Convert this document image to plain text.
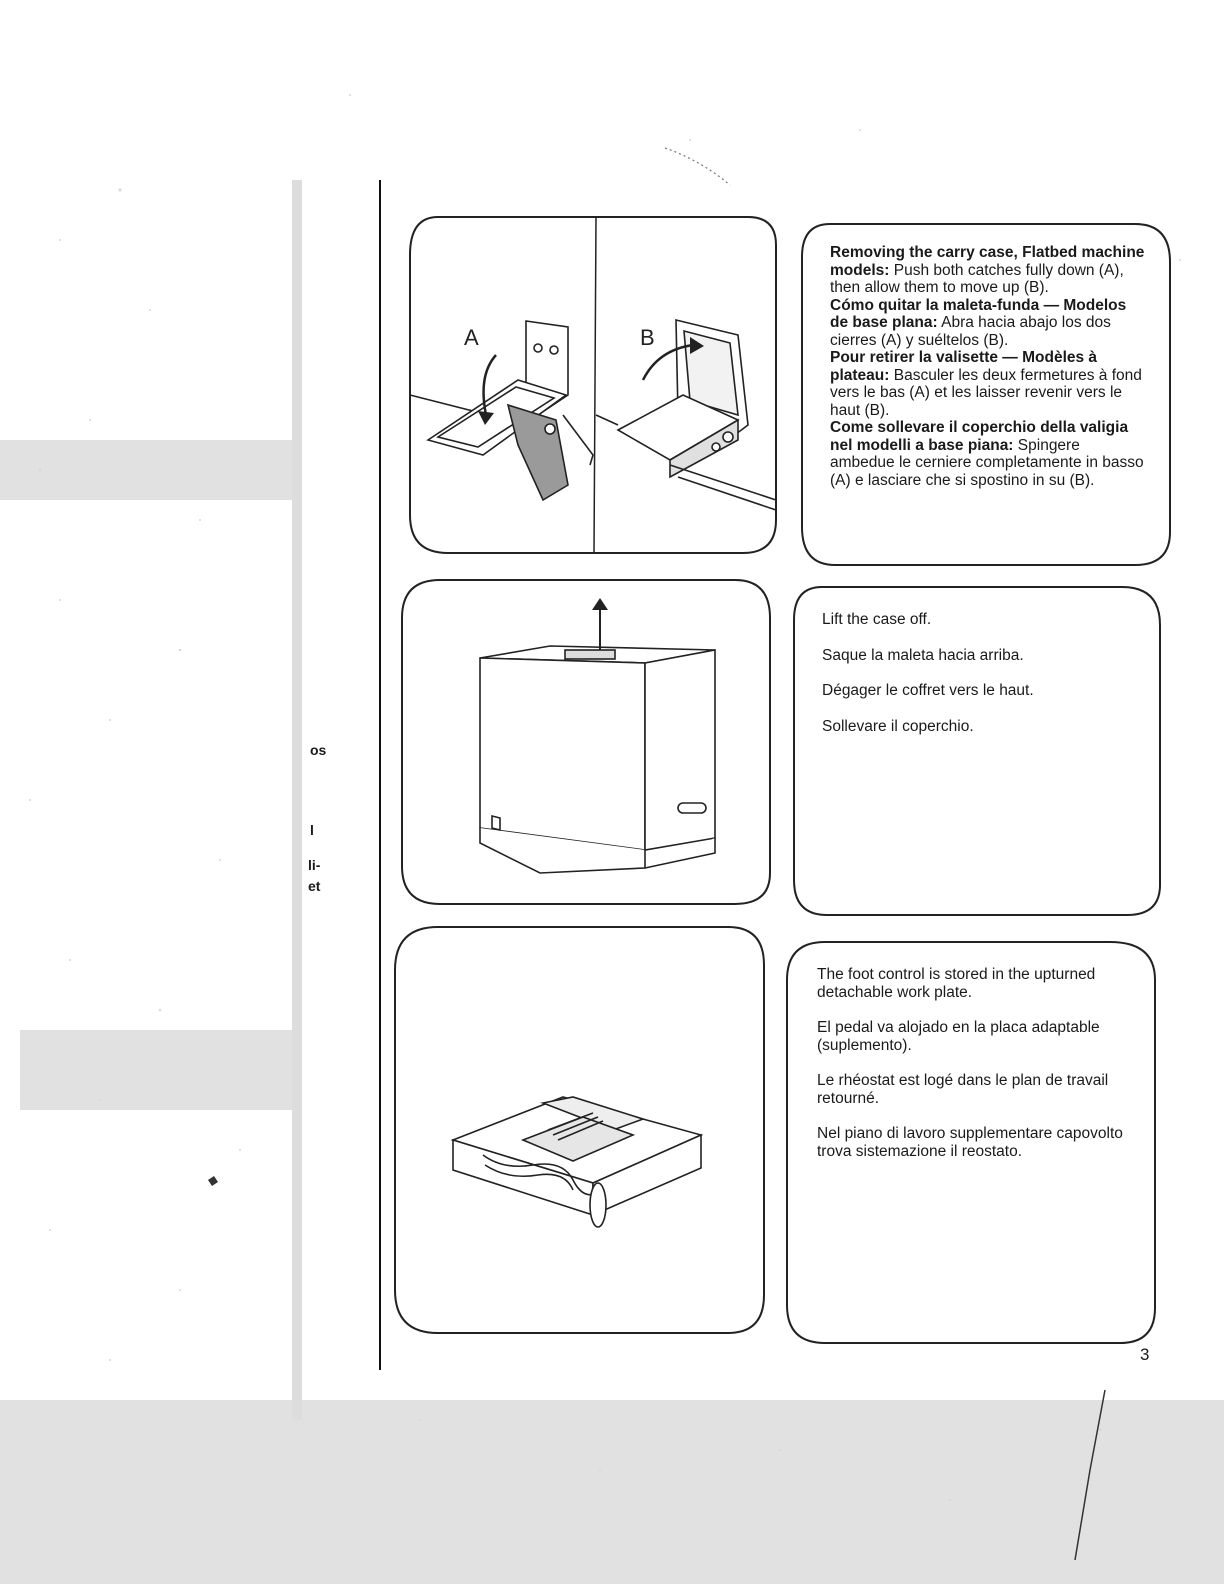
os
l
li-
et
A	B

Removing the carry case, Flatbed machine models: Push both catches fully down (A), then allow them to move up (B).

Cómo quitar la maleta-funda — Modelos de base plana: Abra hacia abajo los dos cierres (A) y suéltelos (B).

Pour retirer la valisette — Modèles à plateau: Basculer les deux fermetures à fond vers le bas (A) et les laisser revenir vers le haut (B).

Come sollevare il coperchio della valigia nel modelli a base piana: Spingere ambedue le cerniere completamente in basso (A) e lasciare che si spostino in su (B).

Lift the case off.

Saque la maleta hacia arriba.

Dégager le coffret vers le haut.

Sollevare il coperchio.

The foot control is stored in the upturned detachable work plate.

El pedal va alojado en la placa adaptable (suplemento).

Le rhéostat est logé dans le plan de travail retourné.

Nel piano di lavoro supplementare capovolto trova sistemazione il reostato.

3
